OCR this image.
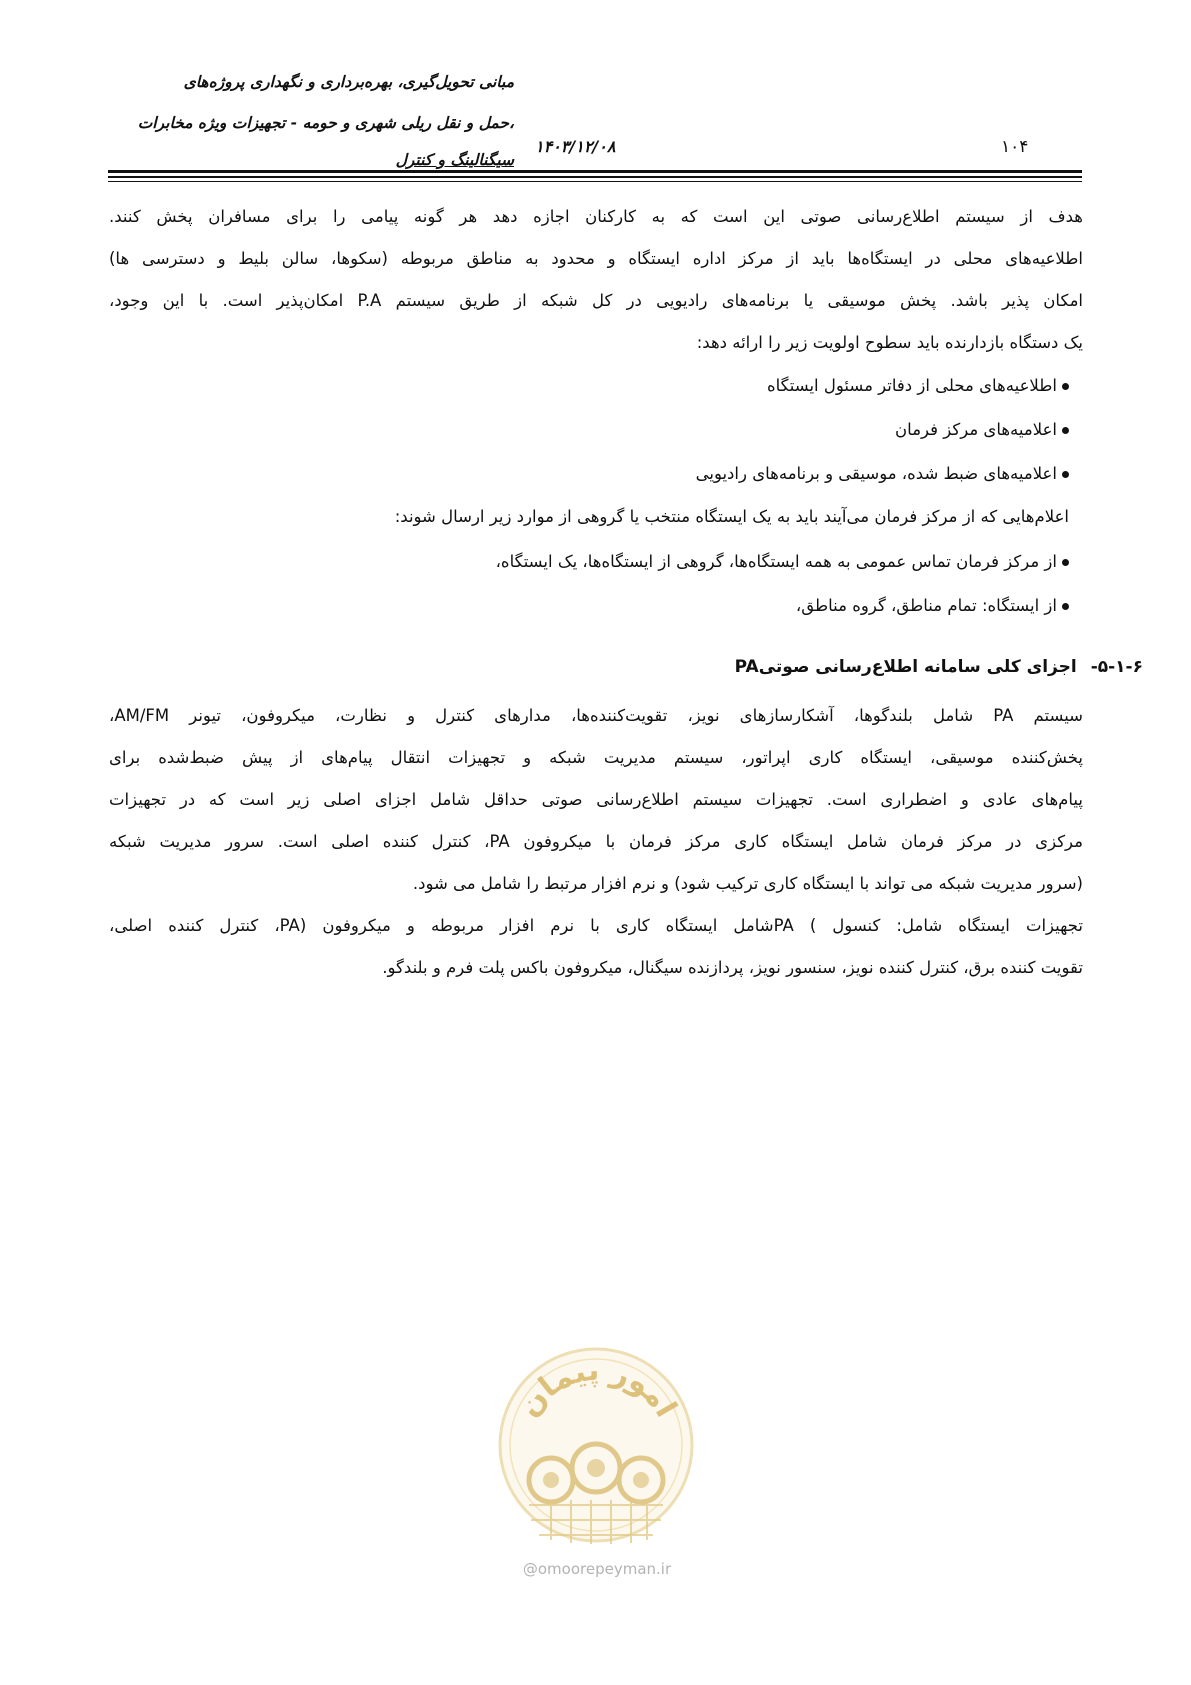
مبانی تحویل‌گیری، بهره‌برداری و نگهداری پروژه‌های
حمل و نقل ریلی شهری و حومه - تجهیزات ویژه مخابرات،
سیگنالینگ و کنترل
۱۴۰۳/۱۲/۰۸	۱۰۴
هدف از سیستم اطلاع‌رسانی صوتی این است که به کارکنان اجازه دهد هر گونه پیامی را برای مسافران پخش کنند.
اطلاعیه‌های محلی در ایستگاه‌ها باید از مرکز اداره ایستگاه و محدود به مناطق مربوطه (سکوها، سالن بلیط و دسترسی ها)
امکان پذیر باشد. پخش موسیقی یا برنامه‌های رادیویی در کل شبکه از طریق سیستم P.A امکان‌پذیر است. با این وجود،
یک دستگاه بازدارنده باید سطوح اولویت زیر را ارائه دهد:
اطلاعیه‌های محلی از دفاتر مسئول ایستگاه
اعلامیه‌های مرکز فرمان
اعلامیه‌های ضبط شده، موسیقی و برنامه‌های رادیویی
اعلام‌هایی که از مرکز فرمان می‌آیند باید به یک ایستگاه منتخب یا گروهی از موارد زیر ارسال شوند:
از مرکز فرمان تماس عمومی به همه ایستگاه‌ها، گروهی از ایستگاه‌ها، یک ایستگاه،
از ایستگاه: تمام مناطق، گروه مناطق،
۵-۱-۶-
اجزای کلی سامانه اطلاع‌رسانی صوتیPA
سیستم PA شامل بلندگوها، آشکارسازهای نویز، تقویت‌کننده‌ها، مدارهای کنترل و نظارت، میکروفون، تیونر AM/FM،
پخش‌کننده موسیقی، ایستگاه کاری اپراتور، سیستم مدیریت شبکه و تجهیزات انتقال پیام‌های از پیش ضبط‌شده برای
پیام‌های عادی و اضطراری است. تجهیزات سیستم اطلاع‌رسانی صوتی حداقل شامل اجزای اصلی زیر است که در تجهیزات
مرکزی در مرکز فرمان شامل ایستگاه کاری مرکز فرمان با میکروفون PA، کنترل کننده اصلی است. سرور مدیریت شبکه
(سرور مدیریت شبکه می تواند با ایستگاه کاری ترکیب شود) و نرم افزار مرتبط را شامل می شود.
تجهیزات ایستگاه شامل: کنسول ) PAشامل ایستگاه کاری با نرم افزار مربوطه و میکروفون (PA، کنترل کننده اصلی،
تقویت کننده برق، کنترل کننده نویز، سنسور نویز، پردازنده سیگنال، میکروفون باکس پلت فرم و بلندگو.
امور پیمان
@omoorepeyman.ir
